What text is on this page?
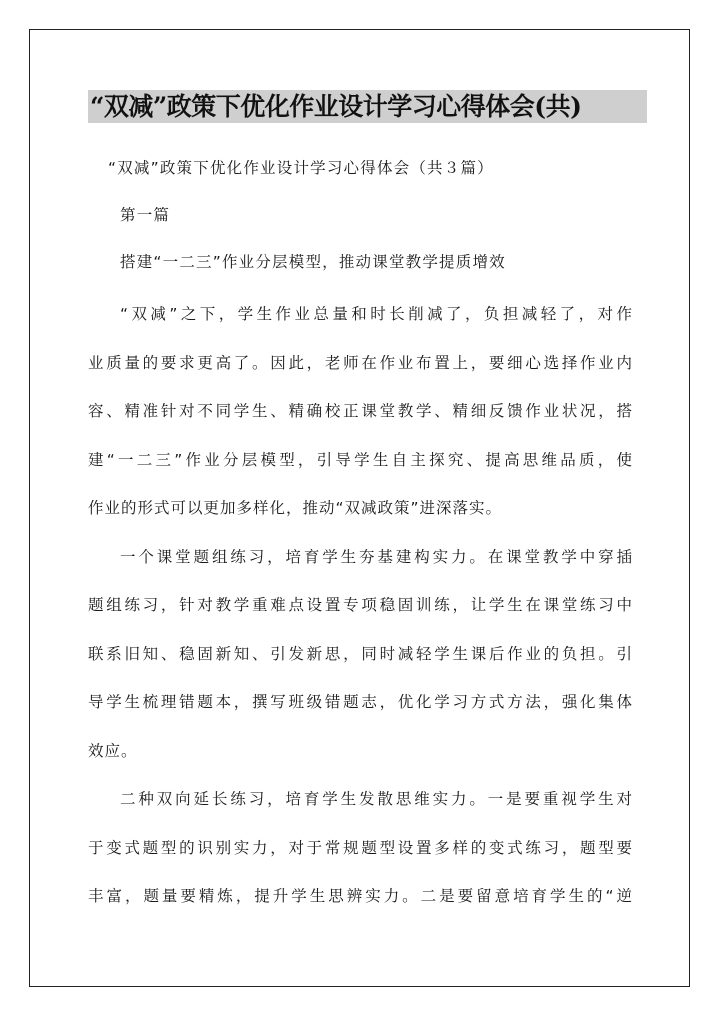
“双减”政策下优化作业设计学习心得体会(共)
“双减”政策下优化作业设计学习心得体会（共３篇）
第一篇
搭建“一二三”作业分层模型，推动课堂教学提质增效
“双减”之下，学生作业总量和时长削减了，负担减轻了，对作
业质量的要求更高了。因此，老师在作业布置上，要细心选择作业内
容、精准针对不同学生、精确校正课堂教学、精细反馈作业状况，搭
建“一二三”作业分层模型，引导学生自主探究、提高思维品质，使
作业的形式可以更加多样化，推动“双减政策”进深落实。
一个课堂题组练习，培育学生夯基建构实力。在课堂教学中穿插
题组练习，针对教学重难点设置专项稳固训练，让学生在课堂练习中
联系旧知、稳固新知、引发新思，同时减轻学生课后作业的负担。引
导学生梳理错题本，撰写班级错题志，优化学习方式方法，强化集体
效应。
二种双向延长练习，培育学生发散思维实力。一是要重视学生对
于变式题型的识别实力，对于常规题型设置多样的变式练习，题型要
丰富，题量要精炼，提升学生思辨实力。二是要留意培育学生的“逆
